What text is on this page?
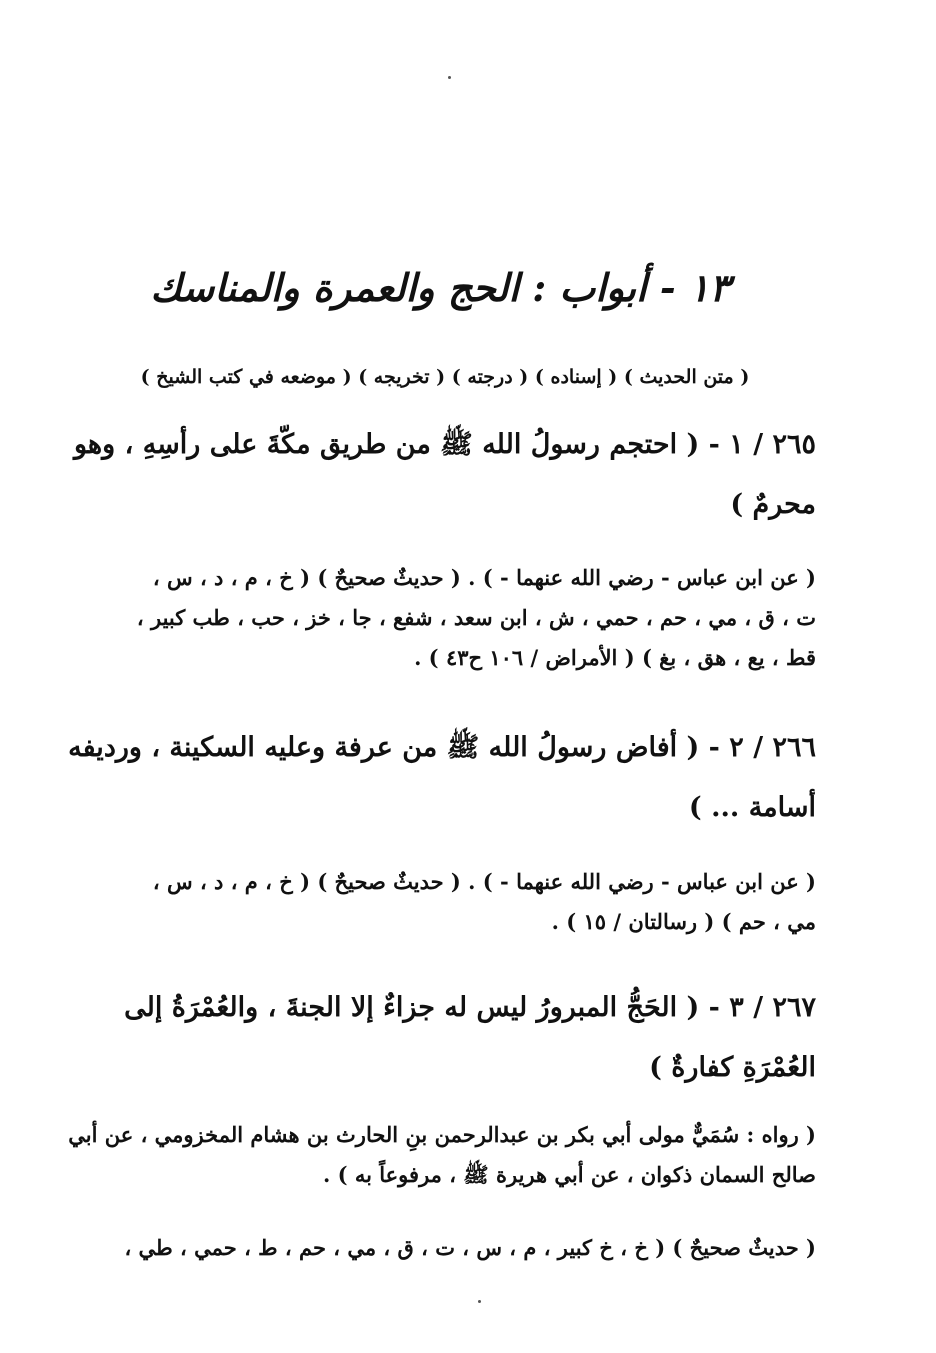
١٣ - أبواب : الحج والعمرة والمناسك
( متن الحديث ) ( إسناده ) ( درجته ) ( تخريجه ) ( موضعه في كتب الشيخ )
٢٦٥ / ١ - ( احتجم رسولُ الله ﷺ من طريق مكّةَ على رأسِهِ ، وهو
محرمٌ )
( عن ابن عباس - رضي الله عنهما - ) . ( حديثٌ صحيحٌ ) ( خ ، م ، د ، س ،
ت ، ق ، مي ، حم ، حمي ، ش ، ابن سعد ، شفع ، جا ، خز ، حب ، طب كبير ،
قط ، يع ، هق ، بغ ) ( الأمراض / ١٠٦ ح٤٣ ) .
٢٦٦ / ٢ - ( أفاض رسولُ الله ﷺ من عرفة وعليه السكينة ، ورديفه
أسامة ... )
( عن ابن عباس - رضي الله عنهما - ) . ( حديثٌ صحيحٌ ) ( خ ، م ، د ، س ،
مي ، حم ) ( رسالتان / ١٥ ) .
٢٦٧ / ٣ - ( الحَجُّ المبرورُ ليس له جزاءٌ إلا الجنةَ ، والعُمْرَةُ إلى
العُمْرَةِ كفارةٌ )
( رواه : سُمَيٌّ مولى أبي بكر بن عبدالرحمن بنِ الحارث بن هشام المخزومي ، عن أبي
صالح السمان ذكوان ، عن أبي هريرة ﷺ ، مرفوعاً به ) .
( حديثٌ صحيحٌ ) ( خ ، خ كبير ، م ، س ، ت ، ق ، مي ، حم ، ط ، حمي ، طي ،
